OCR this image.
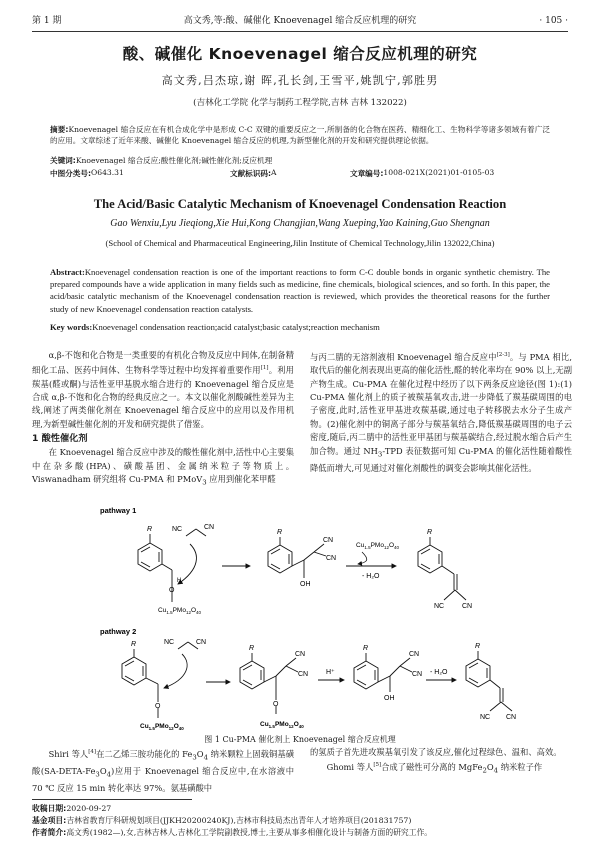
第 1 期	高文秀,等:酸、碱催化 Knoevenagel 缩合反应机理的研究	· 105 ·
酸、碱催化 Knoevenagel 缩合反应机理的研究
高文秀,吕杰琼,谢 晖,孔长剑,王雪平,姚凯宁,郭胜男
(吉林化工学院 化学与制药工程学院,吉林 吉林 132022)
摘要:Knoevenagel 缩合反应在有机合成化学中是形成 C-C 双键的重要反应之一,所制备的化合物在医药、精细化工、生物科学等诸多领域有着广泛的应用。文章综述了近年来酸、碱催化 Knoevenagel 缩合反应的机理,为新型催化剂的开发和研究提供理论依据。
关键词:Knoevenagel 缩合反应;酸性催化剂;碱性催化剂;反应机理
中图分类号: O643.31	文献标识码: A	文章编号: 1008-021X(2021)01-0105-03
The Acid/Basic Catalytic Mechanism of Knoevenagel Condensation Reaction
Gao Wenxiu,Lyu Jieqiong,Xie Hui,Kong Changjian,Wang Xueping,Yao Kaining,Guo Shengnan
(School of Chemical and Pharmaceutical Engineering,Jilin Institute of Chemical Technology,Jilin 132022,China)
Abstract:Knoevenagel condensation reaction is one of the important reactions to form C-C double bonds in organic synthetic chemistry. The prepared compounds have a wide application in many fields such as medicine, fine chemicals, biological sciences, and so forth. In this paper, the acid/basic catalytic mechanism of the Knoevenagel condensation reaction is reviewed, which provides the theoretical reasons for the further study of new Knoevenagel condensation reaction catalysts.
Key words:Knoevenagel condensation reaction;acid catalyst;basic catalyst;reaction mechanism

α,β-不饱和化合物是一类重要的有机化合物及反应中间体,在制备精细化工品、医药中间体、生物科学等过程中均发挥着重要作用[1]。利用羰基(醛或酮)与活性亚甲基脱水缩合进行的 Knoevenagel 缩合反应是合成 α,β-不饱和化合物的经典反应之一。本文以催化剂酸碱性差异为主线,阐述了两类催化剂在 Knoevenagel 缩合反应中的应用以及作用机理,为新型碱性催化剂的开发和研究提供了借鉴。

1 酸性催化剂

在 Knoevenagel 缩合反应中涉及的酸性催化剂中,活性中心主要集中在杂多酸(HPA)、磺酸基团、金属纳米粒子等物质上。Viswanadham 研究组将 Cu-PMA 和 PMoV$_3$ 应用到催化苯甲醛

与丙二腈的无溶剂液相 Knoevenagel 缩合反应中[2-3]。与 PMA 相比,取代后的催化剂表现出更高的催化活性,醛的转化率均在 90% 以上,无副产物生成。Cu-PMA 在催化过程中经历了以下两条反应途径(图 1):(1) Cu-PMA 催化剂上的质子被羰基氧攻击,进一步降低了羰基碳周围的电子密度,此时,活性亚甲基进攻羰基碳,通过电子转移脱去水分子生成产物。(2)催化剂中的铜离子部分与羰基氧结合,降低羰基碳周围的电子云密度,随后,丙二腈中的活性亚甲基团与羰基碳结合,经过脱水缩合后产生加合物。通过 $NH_3$-TPD 表征数据可知 Cu-PMA 的催化活性随着酸性降低而增大,可见通过对催化剂酸性的调变会影响其催化活性。

pathway 1
R
O
H
NC	CN
$Cu_{1.5}PMo_{12}O_{40}$
R
CN
CN
OH
$Cu_{1.5}PMo_{12}O_{40}$
- H₂O
R
NC	CN
pathway 2
R
O
NC	CN
$Cu_{1.5}PMo_{12}O_{40}$
R
CN
CN
O
$Cu_{1.5}PMo_{12}O_{40}$
H⁺
R
CN
CN
OH
- H₂O
R
NC CN
图 1 Cu-PMA 催化剂上 Knoevenagel 缩合反应机理

Shiri 等人[4]在二乙烯三胺功能化的 $Fe_3O_4$ 纳米颗粒上固载铜基磺酸$(SA-DETA-Fe_3O_4)$应用于 Knoevenagel 缩合反应中,在水溶液中 70 ℃ 反应 15 min 转化率达 97%。氨基磺酸中

的氢质子首先进攻羰基氧引发了该反应,催化过程绿色、温和、高效。

Ghomi 等人[5]合成了磁性可分离的 $MgFe_2O_4$ 纳米粒子作

收稿日期:2020-09-27
基金项目:吉林省教育厅科研规划项目(JJKH20200240KJ),吉林市科技局杰出青年人才培养项目(201831757)
作者简介:高文秀(1982—),女,吉林吉林人,吉林化工学院副教授,博士,主要从事多相催化设计与制备方面的研究工作。
